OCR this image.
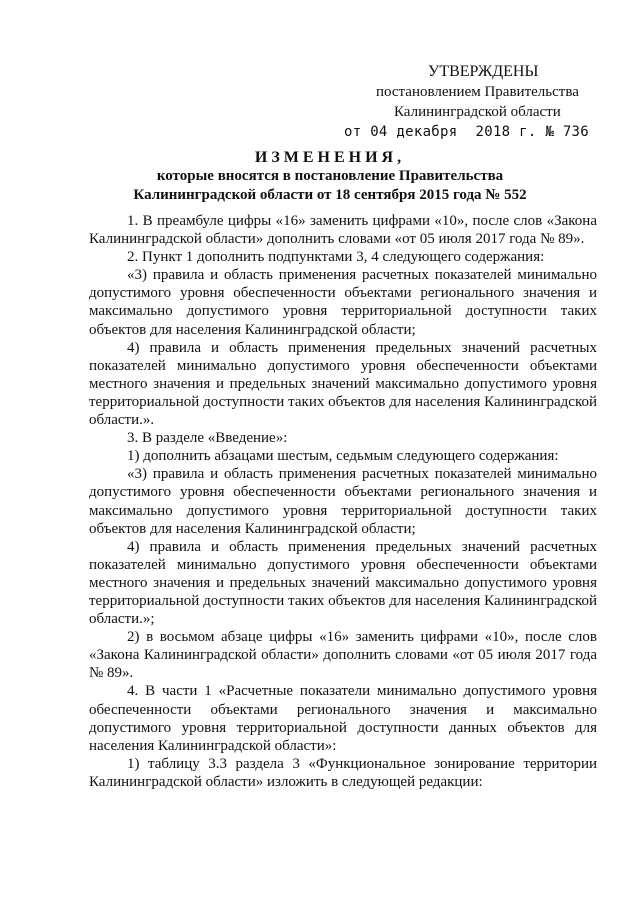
УТВЕРЖДЕНЫ
постановлением Правительства
Калининградской области
от 04 декабря 2018 г. № 736
ИЗМЕНЕНИЯ,
которые вносятся в постановление Правительства
Калининградской области от 18 сентября 2015 года № 552

1. В преамбуле цифры «16» заменить цифрами «10», после слов «Закона Калининградской области» дополнить словами «от 05 июля 2017 года № 89».

2. Пункт 1 дополнить подпунктами 3, 4 следующего содержания:

«3) правила и область применения расчетных показателей минимально допустимого уровня обеспеченности объектами регионального значения и максимально допустимого уровня территориальной доступности таких объектов для населения Калининградской области;

4) правила и область применения предельных значений расчетных показателей минимально допустимого уровня обеспеченности объектами местного значения и предельных значений максимально допустимого уровня территориальной доступности таких объектов для населения Калининградской области.».

3. В разделе «Введение»:

1) дополнить абзацами шестым, седьмым следующего содержания:

«3) правила и область применения расчетных показателей минимально допустимого уровня обеспеченности объектами регионального значения и максимально допустимого уровня территориальной доступности таких объектов для населения Калининградской области;

4) правила и область применения предельных значений расчетных показателей минимально допустимого уровня обеспеченности объектами местного значения и предельных значений максимально допустимого уровня территориальной доступности таких объектов для населения Калининградской области.»;

2) в восьмом абзаце цифры «16» заменить цифрами «10», после слов «Закона Калининградской области» дополнить словами «от 05 июля 2017 года № 89».

4. В части 1 «Расчетные показатели минимально допустимого уровня обеспеченности объектами регионального значения и максимально допустимого уровня территориальной доступности данных объектов для населения Калининградской области»:

1) таблицу 3.3 раздела 3 «Функциональное зонирование территории Калининградской области» изложить в следующей редакции:
